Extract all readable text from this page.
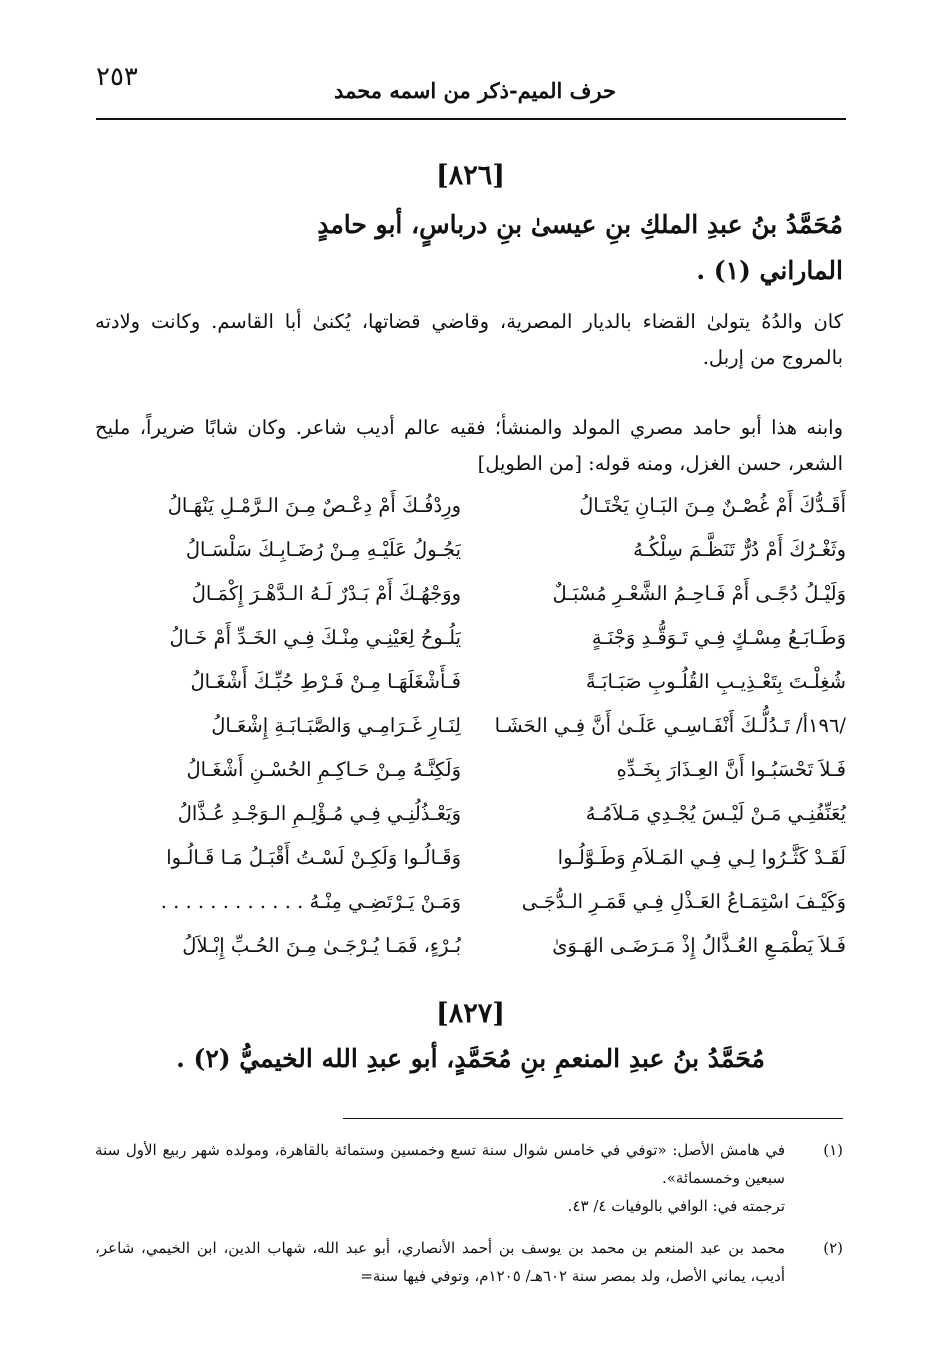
٢٥٣	حرف الميم-ذكر من اسمه محمد
[٨٢٦]
مُحَمَّدُ بنُ عبدِ الملكِ بنِ عيسىٰ بنِ درباسٍ، أبو حامدٍ
الماراني (١) .
كان والدُهُ يتولىٰ القضاء بالديار المصرية، وقاضي قضاتها، يُكنىٰ أبا القاسم. وكانت ولادته بالمروج من إربل.
وابنه هذا أبو حامد مصري المولد والمنشأ؛ فقيه عالم أديب شاعر. وكان شابًا ضريراً، مليح الشعر، حسن الغزل، ومنه قوله: [من الطويل]
أَقَـدُّكَ أَمْ غُصْـنٌ مِـنَ البَـانِ يَخْتَـالُ
ورِدْفُـكَ أَمْ دِعْـصٌ مِـنَ الـرَّمْـلِ يَنْهَـالُ
وثَغْـرُكَ أَمْ دُرٌّ تَنَظَّـمَ سِلْكُـهُ
يَجُـولُ عَلَيْـهِ مِـنْ رُضَـابِـكَ سَلْسَـالُ
وَلَيْـلُ دُجًـى أَمْ فَـاحِـمُ الشَّعْـرِ مُسْبَـلٌ
ووَجْهُـكَ أَمْ بَـدْرٌ لَـهُ الـدَّهْـرَ إِكْمَـالُ
وَطَـابَـعُ مِسْـكٍ فِـي تَـوَقُّـدِ وَجْنَـةٍ
يَلُـوحُ لِعَيْنِـي مِنْـكَ فِـي الخَـدِّ أَمْ خَـالُ
شُغِلْـتَ بِتَعْـذِيـبِ القُلُـوبِ صَبَـابَـةً
فَـأَشْغَلَهَـا مِـنْ فَـرْطِ حُبِّـكَ أَشْغَـالُ
/١٩٦أ/ تَـدُلُّـكَ أَنْفَـاسِـي عَلَـىٰ أَنَّ فِـي الحَشَـا
لِنَـارِ غَـرَامِـي وَالصَّبَـابَـةِ إِشْعَـالُ
فَـلاَ تَحْسَبُـوا أَنَّ العِـذَارَ بِخَـدِّهِ
وَلَكِنَّـهُ مِـنْ حَـاكِـمِ الحُسْـنِ أَشْغَـالُ
يُعَنِّفُنِـي مَـنْ لَيْـسَ يُجْـدِي مَـلاَمُـهُ
وَيَعْـذُلُنِـي فِـي مُـؤْلِـمِ الـوَجْـدِ عُـذَّالُ
لَقَـدْ كَثَّـرُوا لِـي فِـي المَـلاَمِ وَطَـوَّلُـوا
وَقَـالُـوا وَلَكِـنْ لَسْـتُ أَقْبَـلُ مَـا قَـالُـوا
وَكَيْـفَ اسْتِمَـاعُ العَـذْلِ فِـي قَمَـرِ الـدُّجَـى
وَمَـنْ يَـرْتَضِـي مِنْـهُ . . . . . . . . . . . .
فَـلاَ يَطْمَـعِ العُـذَّالُ إِذْ مَـرَضَـى الهَـوَىٰ
بُـرْءٍ، فَمَـا يُـرْجَـىٰ مِـنَ الحُـبِّ إِبْـلاَلُ
[٨٢٧]
مُحَمَّدُ بنُ عبدِ المنعمِ بنِ مُحَمَّدٍ، أبو عبدِ الله الخيميُّ (٢) .
(١)
في هامش الأصل: «توفي في خامس شوال سنة تسع وخمسين وستمائة بالقاهرة، ومولده شهر ربيع الأول سنة سبعين وخمسمائة».
ترجمته في: الوافي بالوفيات ٤/ ٤٣.
(٢)
محمد بن عبد المنعم بن محمد بن يوسف بن أحمد الأنصاري، أبو عبد الله، شهاب الدين، ابن الخيمي، شاعر، أديب، يماني الأصل، ولد بمصر سنة ٦٠٢هـ/ ١٢٠٥م، وتوفي فيها سنة=
